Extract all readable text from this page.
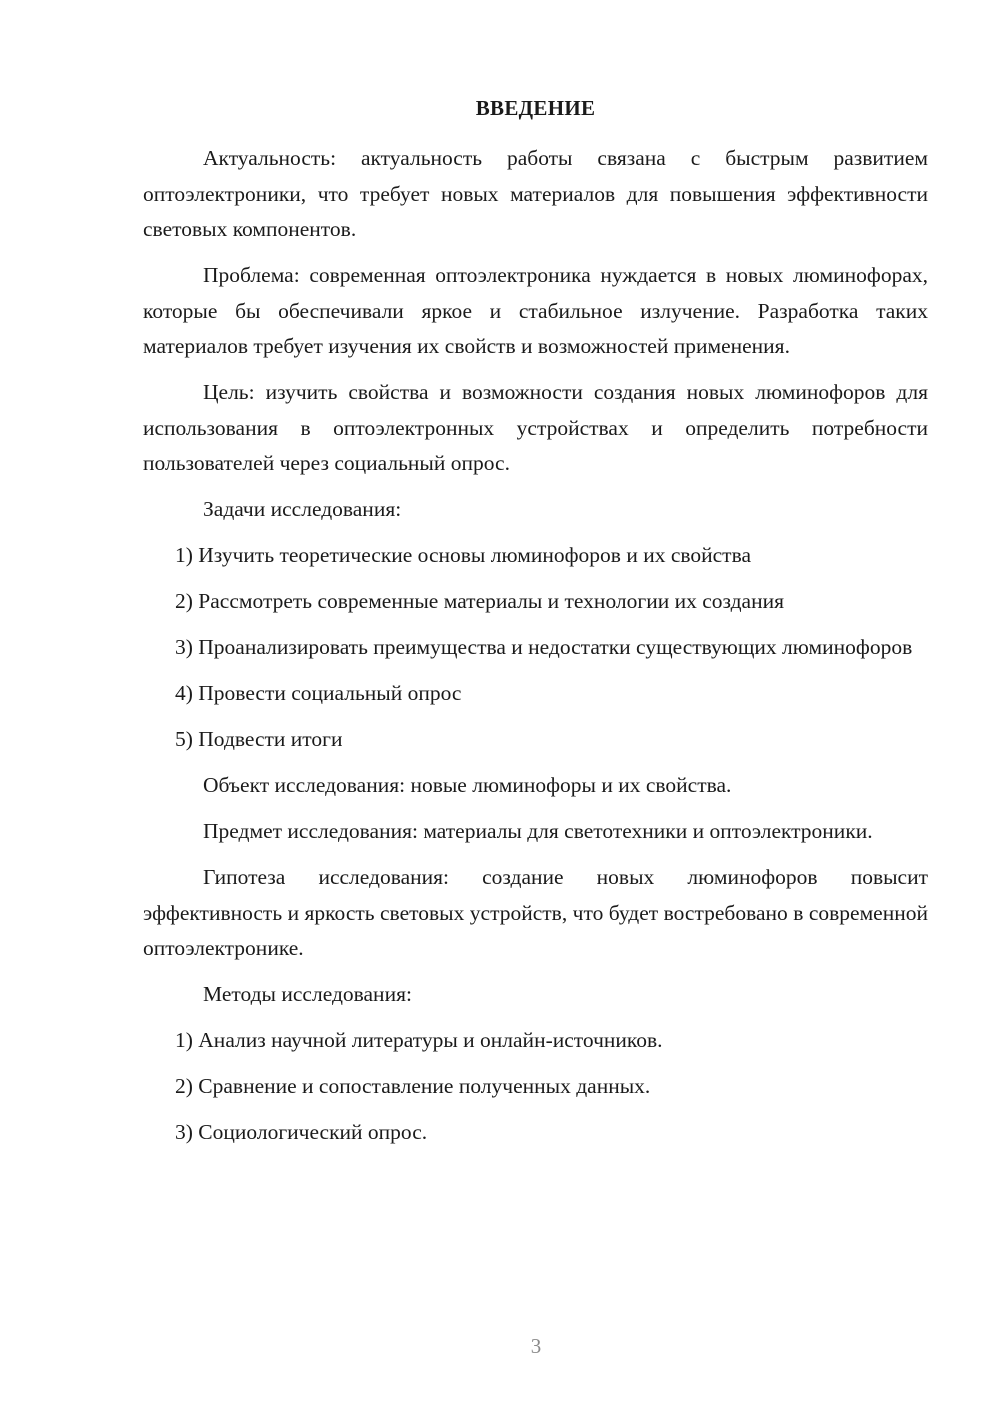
ВВЕДЕНИЕ

Актуальность: актуальность работы связана с быстрым развитием оптоэлектроники, что требует новых материалов для повышения эффективности световых компонентов.

Проблема: современная оптоэлектроника нуждается в новых люминофорах, которые бы обеспечивали яркое и стабильное излучение. Разработка таких материалов требует изучения их свойств и возможностей применения.

Цель: изучить свойства и возможности создания новых люминофоров для использования в оптоэлектронных устройствах и определить потребности пользователей через социальный опрос.

Задачи исследования:

1) Изучить теоретические основы люминофоров и их свойства

2) Рассмотреть современные материалы и технологии их создания

3) Проанализировать преимущества и недостатки существующих люминофоров

4) Провести социальный опрос

5) Подвести итоги

Объект исследования: новые люминофоры и их свойства.

Предмет исследования: материалы для светотехники и оптоэлектроники.

Гипотеза исследования: создание новых люминофоров повысит эффективность и яркость световых устройств, что будет востребовано в современной оптоэлектронике.

Методы исследования:

1) Анализ научной литературы и онлайн-источников.

2) Сравнение и сопоставление полученных данных.

3) Социологический опрос.

3
